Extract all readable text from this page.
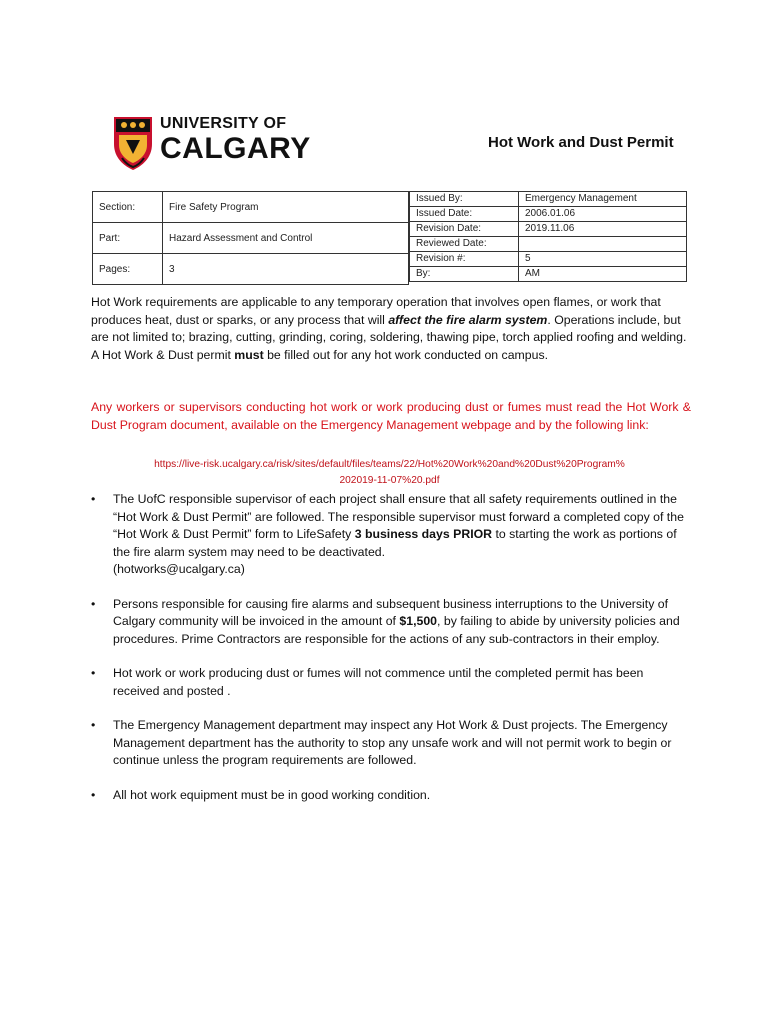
UNIVERSITY OF
CALGARY	Hot Work and Dust Permit
Section:	Fire Safety Program
Part:	Hazard Assessment and Control
Pages:	3
Issued By:	Emergency Management
Issued Date:	2006.01.06
Revision Date:	2019.11.06
Reviewed Date:	
Revision #:	5
By:	AM
Hot Work requirements are applicable to any temporary operation that involves open flames, or work that produces heat, dust or sparks, or any process that will affect the fire alarm system. Operations include, but are not limited to; brazing, cutting, grinding, coring, soldering, thawing pipe, torch applied roofing and welding. A Hot Work & Dust permit must be filled out for any hot work conducted on campus.
Any workers or supervisors conducting hot work or work producing dust or fumes must read the Hot Work & Dust Program document, available on the Emergency Management webpage and by the following link:
https://live-risk.ucalgary.ca/risk/sites/default/files/teams/22/Hot%20Work%20and%20Dust%20Program%
202019-11-07%20.pdf
• The UofC responsible supervisor of each project shall ensure that all safety requirements outlined in the “Hot Work & Dust Permit” are followed. The responsible supervisor must forward a completed copy of the “Hot Work & Dust Permit” form to LifeSafety 3 business days PRIOR to starting the work as portions of the fire alarm system may need to be deactivated.
(hotworks@ucalgary.ca)
• Persons responsible for causing fire alarms and subsequent business interruptions to the University of Calgary community will be invoiced in the amount of $1,500, by failing to abide by university policies and procedures. Prime Contractors are responsible for the actions of any sub-contractors in their employ.
• Hot work or work producing dust or fumes will not commence until the completed permit has been received and posted .
• The Emergency Management department may inspect any Hot Work & Dust projects. The Emergency Management department has the authority to stop any unsafe work and will not permit work to begin or continue unless the program requirements are followed.
• All hot work equipment must be in good working condition.
